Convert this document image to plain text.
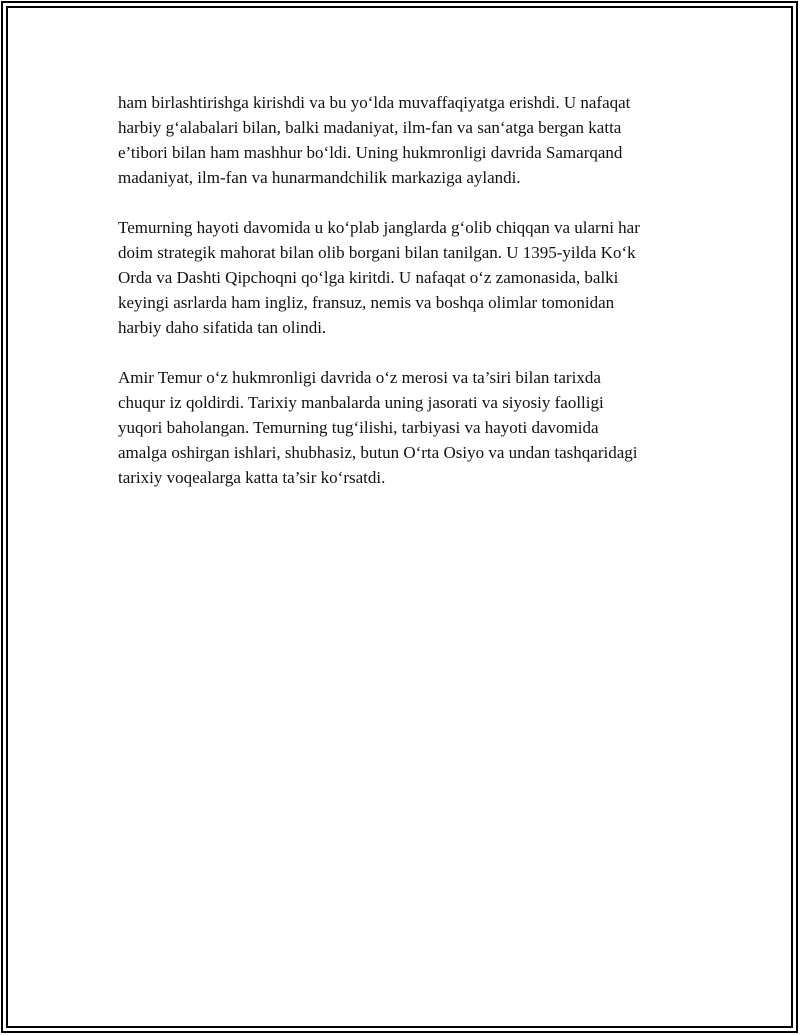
ham birlashtirishga kirishdi va bu yo‘lda muvaffaqiyatga erishdi. U nafaqat
harbiy g‘alabalari bilan, balki madaniyat, ilm-fan va san‘atga bergan katta
e’tibori bilan ham mashhur bo‘ldi. Uning hukmronligi davrida Samarqand
madaniyat, ilm-fan va hunarmandchilik markaziga aylandi.

Temurning hayoti davomida u ko‘plab janglarda g‘olib chiqqan va ularni har
doim strategik mahorat bilan olib borgani bilan tanilgan. U 1395-yilda Ko‘k
Orda va Dashti Qipchoqni qo‘lga kiritdi. U nafaqat o‘z zamonasida, balki
keyingi asrlarda ham ingliz, fransuz, nemis va boshqa olimlar tomonidan
harbiy daho sifatida tan olindi.

Amir Temur o‘z hukmronligi davrida o‘z merosi va ta’siri bilan tarixda
chuqur iz qoldirdi. Tarixiy manbalarda uning jasorati va siyosiy faolligi
yuqori baholangan. Temurning tug‘ilishi, tarbiyasi va hayoti davomida
amalga oshirgan ishlari, shubhasiz, butun O‘rta Osiyo va undan tashqaridagi
tarixiy voqealarga katta ta’sir ko‘rsatdi.
